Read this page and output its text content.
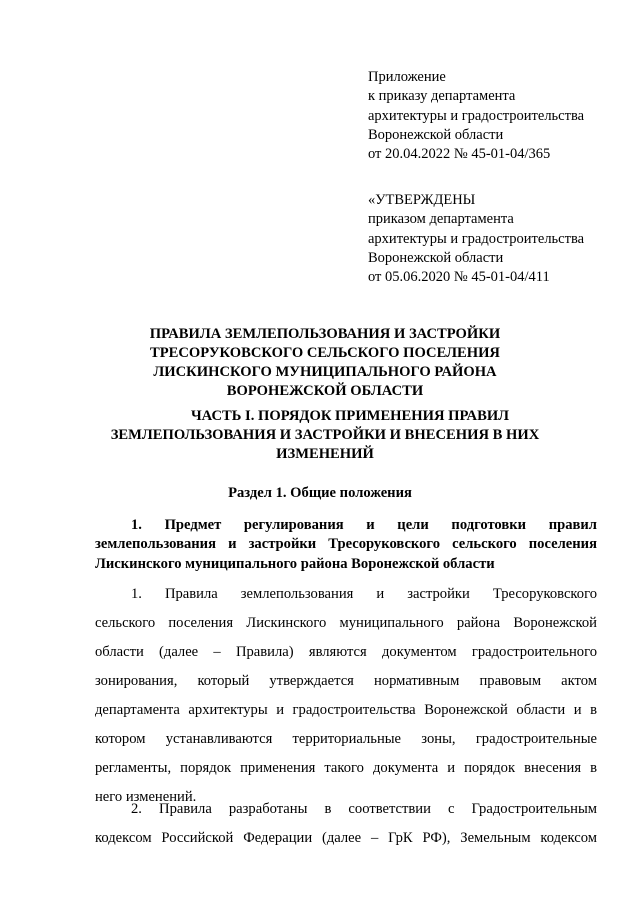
Приложение
к приказу департамента
архитектуры и градостроительства
Воронежской области
от 20.04.2022 № 45-01-04/365
«УТВЕРЖДЕНЫ
приказом департамента
архитектуры и градостроительства
Воронежской области
от 05.06.2020 № 45-01-04/411
ПРАВИЛА ЗЕМЛЕПОЛЬЗОВАНИЯ И ЗАСТРОЙКИ
ТРЕСОРУКОВСКОГО СЕЛЬСКОГО ПОСЕЛЕНИЯ
ЛИСКИНСКОГО МУНИЦИПАЛЬНОГО РАЙОНА
ВОРОНЕЖСКОЙ ОБЛАСТИ
ЧАСТЬ I. ПОРЯДОК ПРИМЕНЕНИЯ ПРАВИЛ
ЗЕМЛЕПОЛЬЗОВАНИЯ И ЗАСТРОЙКИ И ВНЕСЕНИЯ В НИХ
ИЗМЕНЕНИЙ
Раздел 1. Общие положения
1. Предмет регулирования и цели подготовки правил
землепользования и застройки Тресоруковского сельского поселения
Лискинского муниципального района Воронежской области
1. Правила землепользования и застройки Тресоруковского
сельского поселения Лискинского муниципального района Воронежской
области (далее – Правила) являются документом градостроительного
зонирования, который утверждается нормативным правовым актом
департамента архитектуры и градостроительства Воронежской области и в
котором устанавливаются территориальные зоны, градостроительные
регламенты, порядок применения такого документа и порядок внесения в
него изменений.
2. Правила разработаны в соответствии с Градостроительным
кодексом Российской Федерации (далее – ГрК РФ), Земельным кодексом
